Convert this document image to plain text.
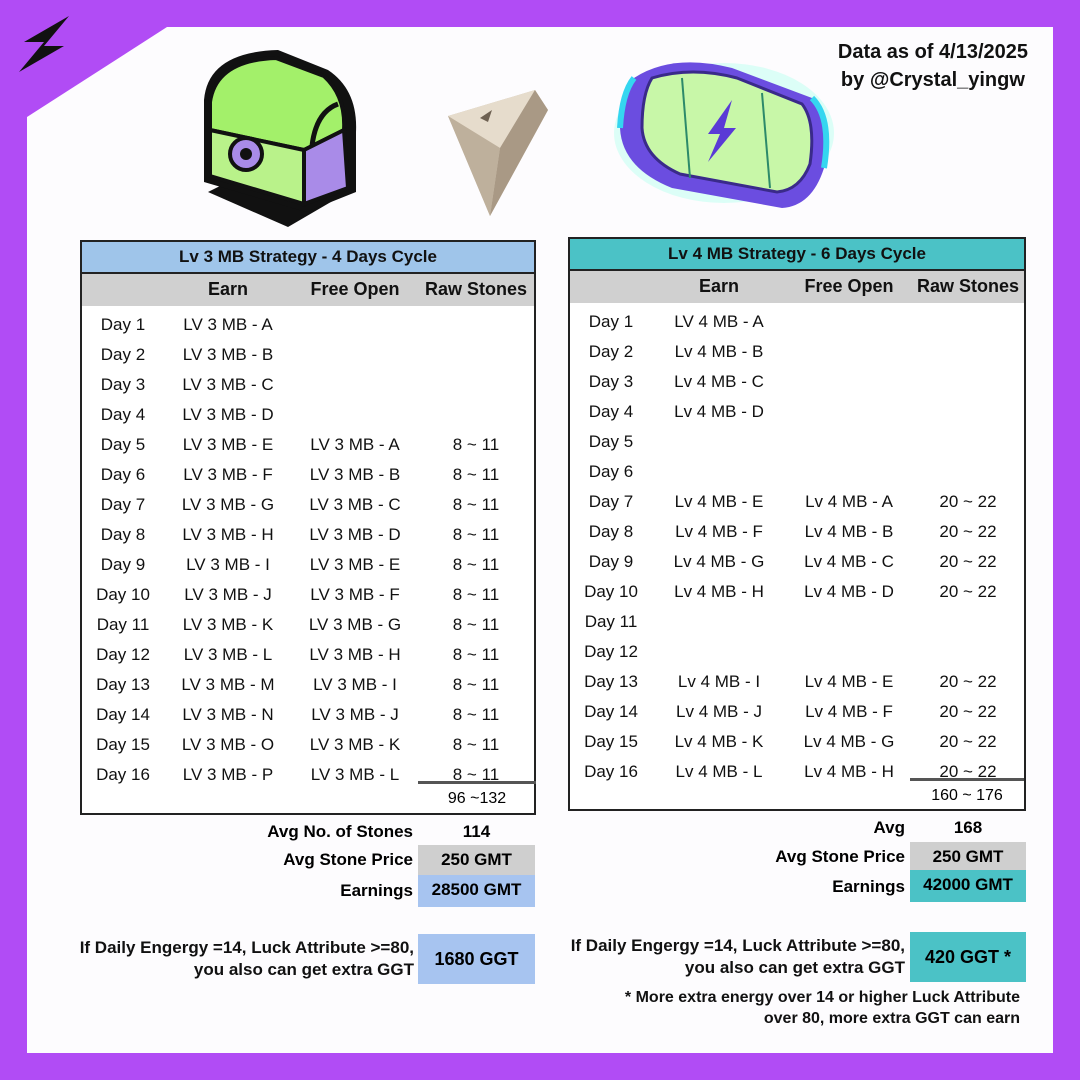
Data as of 4/13/2025
by @Crystal_yingw
Lv 3 MB Strategy - 4 Days Cycle
Earn	Free Open	Raw Stones
Day 1	LV 3 MB - A
Day 2	LV 3 MB - B
Day 3	LV 3 MB - C
Day 4	LV 3 MB - D
Day 5	LV 3 MB - E	LV 3 MB - A	8 ~ 11
Day 6	LV 3 MB - F	LV 3 MB - B	8 ~ 11
Day 7	LV 3 MB - G	LV 3 MB - C	8 ~ 11
Day 8	LV 3 MB - H	LV 3 MB - D	8 ~ 11
Day 9	LV 3 MB - I	LV 3 MB - E	8 ~ 11
Day 10	LV 3 MB - J	LV 3 MB - F	8 ~ 11
Day 11	LV 3 MB - K	LV 3 MB - G	8 ~ 11
Day 12	LV 3 MB - L	LV 3 MB - H	8 ~ 11
Day 13	LV 3 MB - M	LV 3 MB - I	8 ~ 11
Day 14	LV 3 MB - N	LV 3 MB - J	8 ~ 11
Day 15	LV 3 MB - O	LV 3 MB - K	8 ~ 11
Day 16	LV 3 MB - P	LV 3 MB - L	8 ~ 11
96 ~132
Lv 4 MB Strategy - 6 Days Cycle
Earn	Free Open	Raw Stones
Day 1	LV 4 MB - A
Day 2	Lv 4 MB - B
Day 3	Lv 4 MB - C
Day 4	Lv 4 MB - D
Day 5
Day 6
Day 7	Lv 4 MB - E	Lv 4 MB - A	20 ~ 22
Day 8	Lv 4 MB - F	Lv 4 MB - B	20 ~ 22
Day 9	Lv 4 MB - G	Lv 4 MB - C	20 ~ 22
Day 10	Lv 4 MB - H	Lv 4 MB - D	20 ~ 22
Day 11
Day 12
Day 13	Lv 4 MB - I	Lv 4 MB - E	20 ~ 22
Day 14	Lv 4 MB - J	Lv 4 MB - F	20 ~ 22
Day 15	Lv 4 MB - K	Lv 4 MB - G	20 ~ 22
Day 16	Lv 4 MB - L	Lv 4 MB - H	20 ~ 22
160 ~ 176
Avg No. of Stones	114
Avg Stone Price	250 GMT
Earnings	28500 GMT
If Daily Engergy =14, Luck Attribute >=80,
you also can get extra GGT
1680 GGT
Avg	168
Avg Stone Price	250 GMT
Earnings	42000 GMT
If Daily Engergy =14, Luck Attribute >=80,
you also can get extra GGT
420 GGT *
* More extra energy over 14 or higher Luck Attribute
over 80, more extra GGT can earn
